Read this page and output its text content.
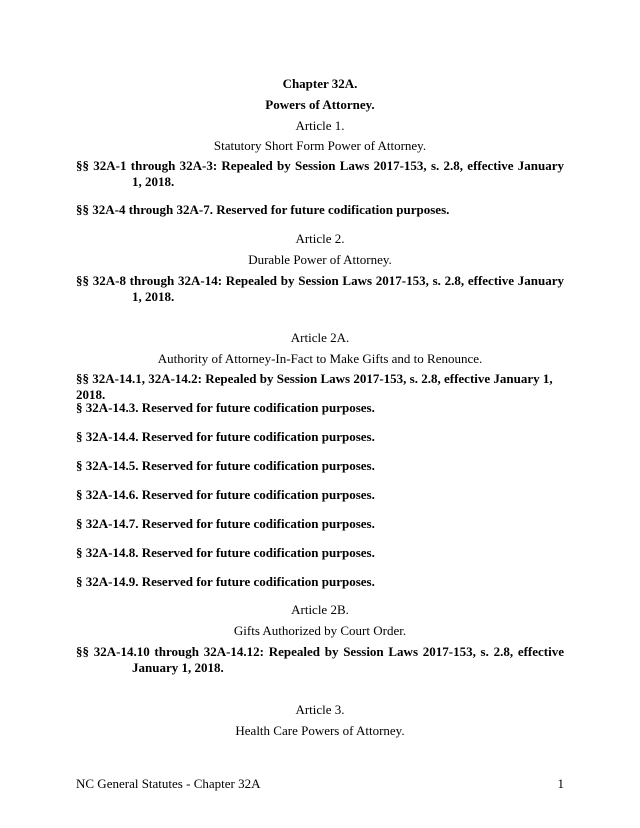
Chapter 32A.
Powers of Attorney.
Article 1.
Statutory Short Form Power of Attorney.
§§ 32A-1 through 32A-3: Repealed by Session Laws 2017-153, s. 2.8, effective January 1, 2018.
§§ 32A-4 through 32A-7. Reserved for future codification purposes.
Article 2.
Durable Power of Attorney.
§§ 32A-8 through 32A-14: Repealed by Session Laws 2017-153, s. 2.8, effective January 1, 2018.
Article 2A.
Authority of Attorney-In-Fact to Make Gifts and to Renounce.
§§ 32A-14.1, 32A-14.2: Repealed by Session Laws 2017-153, s. 2.8, effective January 1, 2018.
§ 32A-14.3. Reserved for future codification purposes.
§ 32A-14.4. Reserved for future codification purposes.
§ 32A-14.5. Reserved for future codification purposes.
§ 32A-14.6. Reserved for future codification purposes.
§ 32A-14.7. Reserved for future codification purposes.
§ 32A-14.8. Reserved for future codification purposes.
§ 32A-14.9. Reserved for future codification purposes.
Article 2B.
Gifts Authorized by Court Order.
§§ 32A-14.10 through 32A-14.12: Repealed by Session Laws 2017-153, s. 2.8, effective January 1, 2018.
Article 3.
Health Care Powers of Attorney.
NC General Statutes - Chapter 32A	1
